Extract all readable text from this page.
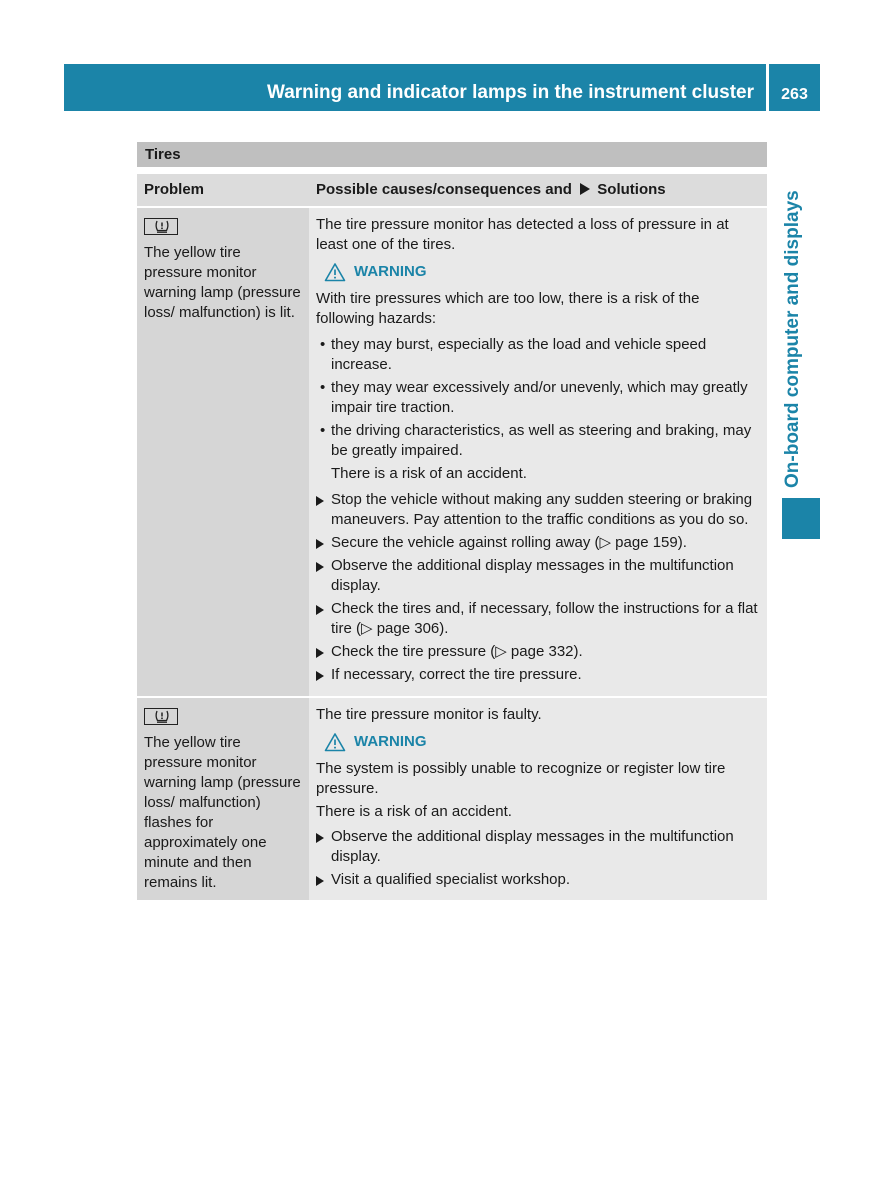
Warning and indicator lamps in the instrument cluster	263
On-board computer and displays
Tires
Problem	Possible causes/consequences and Solutions
The yellow tire pressure monitor warning lamp (pressure loss/ malfunction) is lit.
The tire pressure monitor has detected a loss of pressure in at least one of the tires.
WARNING
With tire pressures which are too low, there is a risk of the following hazards:
• they may burst, especially as the load and vehicle speed increase.
• they may wear excessively and/or unevenly, which may greatly impair tire traction.
• the driving characteristics, as well as steering and braking, may be greatly impaired.
There is a risk of an accident.
Stop the vehicle without making any sudden steering or braking maneuvers. Pay attention to the traffic conditions as you do so.
Secure the vehicle against rolling away (▷ page 159).
Observe the additional display messages in the multifunction display.
Check the tires and, if necessary, follow the instructions for a flat tire (▷ page 306).
Check the tire pressure (▷ page 332).
If necessary, correct the tire pressure.
The yellow tire pressure monitor warning lamp (pressure loss/ malfunction) flashes for approximately one minute and then remains lit.
The tire pressure monitor is faulty.
WARNING
The system is possibly unable to recognize or register low tire pressure.
There is a risk of an accident.
Observe the additional display messages in the multifunction display.
Visit a qualified specialist workshop.
